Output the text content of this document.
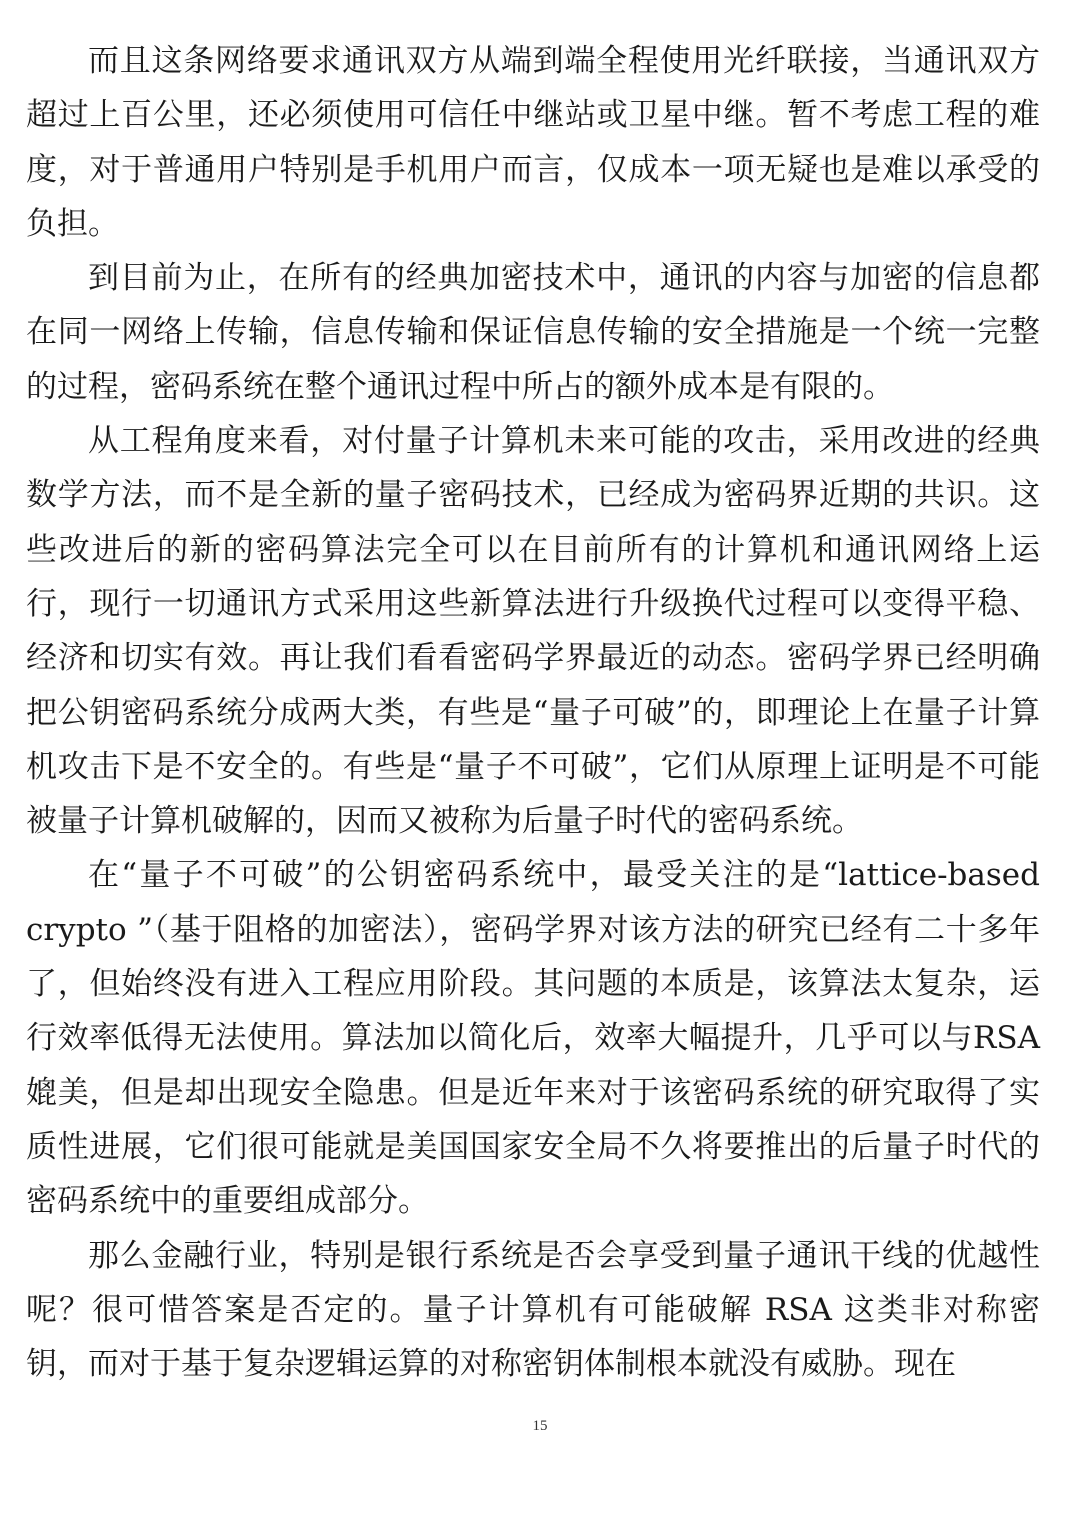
而且这条网络要求通讯双方从端到端全程使用光纤联接，当通讯双方超过上百公里，还必须使用可信任中继站或卫星中继。暂不考虑工程的难度，对于普通用户特别是手机用户而言，仅成本一项无疑也是难以承受的负担。

到目前为止，在所有的经典加密技术中，通讯的内容与加密的信息都在同一网络上传输，信息传输和保证信息传输的安全措施是一个统一完整的过程，密码系统在整个通讯过程中所占的额外成本是有限的。

从工程角度来看，对付量子计算机未来可能的攻击，采用改进的经典数学方法，而不是全新的量子密码技术，已经成为密码界近期的共识。这些改进后的新的密码算法完全可以在目前所有的计算机和通讯网络上运行，现行一切通讯方式采用这些新算法进行升级换代过程可以变得平稳、经济和切实有效。再让我们看看密码学界最近的动态。密码学界已经明确把公钥密码系统分成两大类，有些是“量子可破”的，即理论上在量子计算机攻击下是不安全的。有些是“量子不可破”，它们从原理上证明是不可能被量子计算机破解的，因而又被称为后量子时代的密码系统。

在“量子不可破”的公钥密码系统中，最受关注的是“lattice-based crypto ”（基于阻格的加密法），密码学界对该方法的研究已经有二十多年了，但始终没有进入工程应用阶段。其问题的本质是，该算法太复杂，运行效率低得无法使用。算法加以简化后，效率大幅提升，几乎可以与RSA 媲美，但是却出现安全隐患。但是近年来对于该密码系统的研究取得了实质性进展，它们很可能就是美国国家安全局不久将要推出的后量子时代的密码系统中的重要组成部分。

那么金融行业，特别是银行系统是否会享受到量子通讯干线的优越性呢？很可惜答案是否定的。量子计算机有可能破解 RSA 这类非对称密钥，而对于基于复杂逻辑运算的对称密钥体制根本就没有威胁。现在

15
